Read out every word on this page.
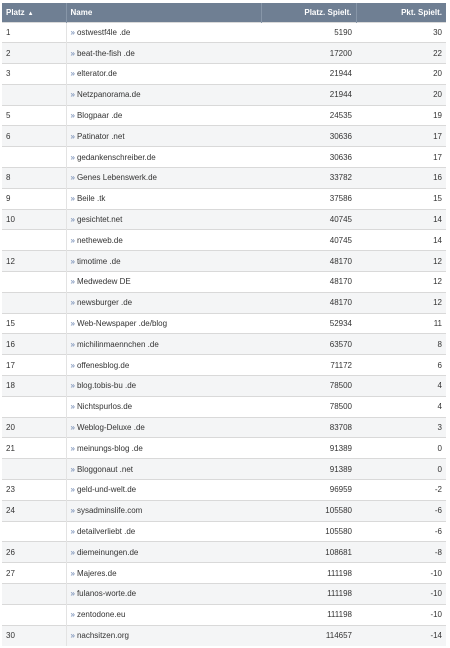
Platz ▲	Name	Platz. Spielt.	Pkt. Spielt.
1	» ostwestf4le .de	5190	30
2	» beat-the-fish .de	17200	22
3	» elterator.de	21944	20
	» Netzpanorama.de	21944	20
5	» Blogpaar .de	24535	19
6	» Patinator .net	30636	17
	» gedankenschreiber.de	30636	17
8	» Genes Lebenswerk.de	33782	16
9	» Beile .tk	37586	15
10	» gesichtet.net	40745	14
	» netheweb.de	40745	14
12	» timotime .de	48170	12
	» Medwedew DE	48170	12
	» newsburger .de	48170	12
15	» Web-Newspaper .de/blog	52934	11
16	» michilinmaennchen .de	63570	8
17	» offenesblog.de	71172	6
18	» blog.tobis-bu .de	78500	4
	» Nichtspurlos.de	78500	4
20	» Weblog-Deluxe .de	83708	3
21	» meinungs-blog .de	91389	0
	» Bloggonaut .net	91389	0
23	» geld-und-welt.de	96959	-2
24	» sysadminslife.com	105580	-6
	» detailverliebt .de	105580	-6
26	» diemeinungen.de	108681	-8
27	» Majeres.de	111198	-10
	» fulanos-worte.de	111198	-10
	» zentodone.eu	111198	-10
30	» nachsitzen.org	114657	-14
